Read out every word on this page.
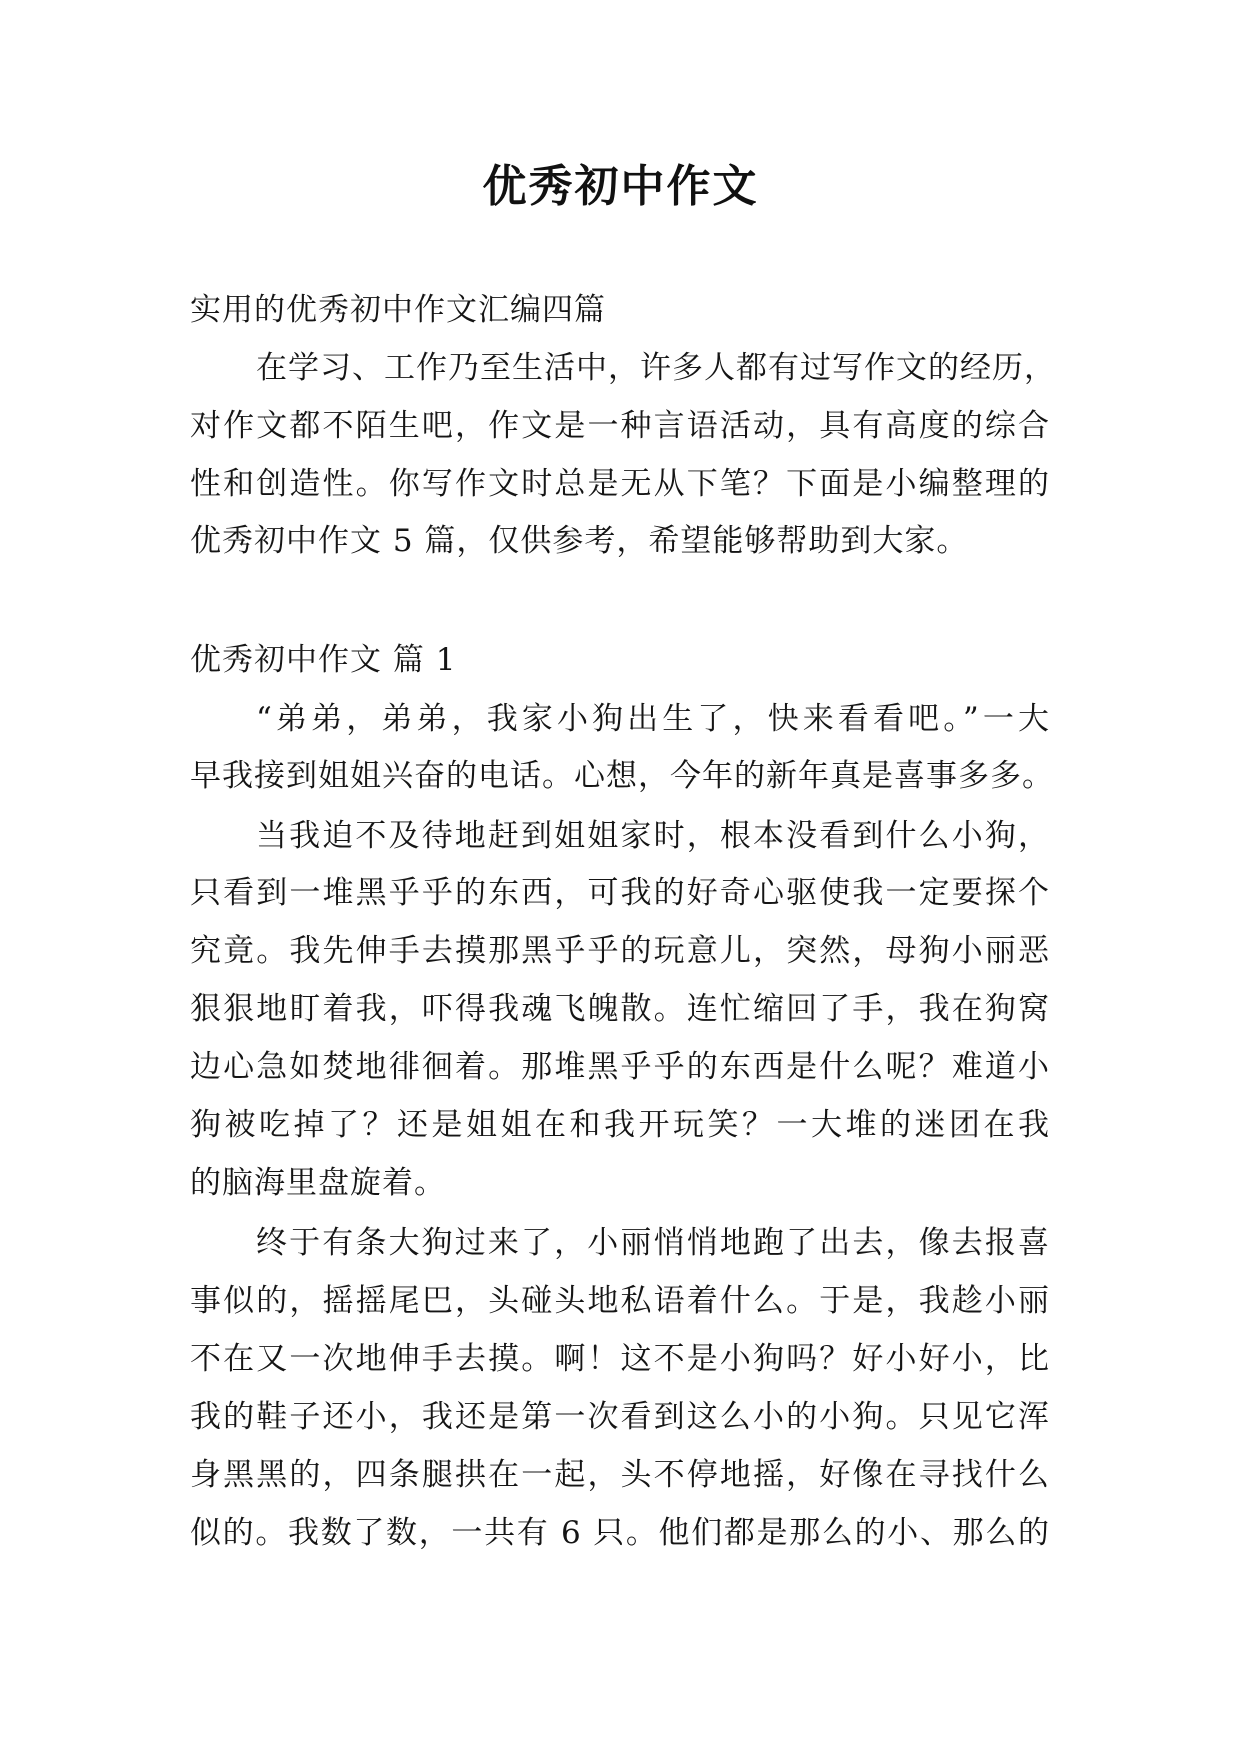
优秀初中作文
实用的优秀初中作文汇编四篇
在学习、工作乃至生活中，许多人都有过写作文的经历，
对作文都不陌生吧，作文是一种言语活动，具有高度的综合
性和创造性。你写作文时总是无从下笔？下面是小编整理的
优秀初中作文 5 篇，仅供参考，希望能够帮助到大家。
优秀初中作文 篇 1
“弟弟，弟弟，我家小狗出生了，快来看看吧。”一大
早我接到姐姐兴奋的电话。心想，今年的新年真是喜事多多。
当我迫不及待地赶到姐姐家时，根本没看到什么小狗，
只看到一堆黑乎乎的东西，可我的好奇心驱使我一定要探个
究竟。我先伸手去摸那黑乎乎的玩意儿，突然，母狗小丽恶
狠狠地盯着我，吓得我魂飞魄散。连忙缩回了手，我在狗窝
边心急如焚地徘徊着。那堆黑乎乎的东西是什么呢？难道小
狗被吃掉了？还是姐姐在和我开玩笑？一大堆的迷团在我
的脑海里盘旋着。
终于有条大狗过来了，小丽悄悄地跑了出去，像去报喜
事似的，摇摇尾巴，头碰头地私语着什么。于是，我趁小丽
不在又一次地伸手去摸。啊！这不是小狗吗？好小好小，比
我的鞋子还小，我还是第一次看到这么小的小狗。只见它浑
身黑黑的，四条腿拱在一起，头不停地摇，好像在寻找什么
似的。我数了数，一共有 6 只。他们都是那么的小、那么的
